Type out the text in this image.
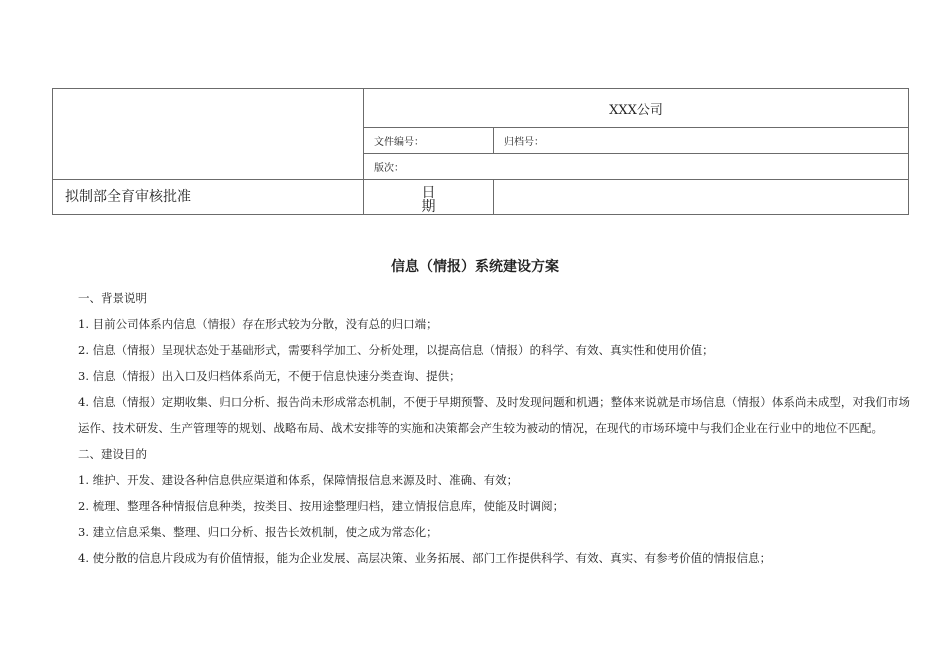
	XXX公司	
	文件编号：	归档号：
	版次：	
拟制部全育审核批准	日期	

信息（情报）系统建设方案

一、背景说明

1. 目前公司体系内信息（情报）存在形式较为分散，没有总的归口端；

2. 信息（情报）呈现状态处于基础形式，需要科学加工、分析处理，以提高信息（情报）的科学、有效、真实性和使用价值；

3. 信息（情报）出入口及归档体系尚无，不便于信息快速分类查询、提供；

4. 信息（情报）定期收集、归口分析、报告尚未形成常态机制，不便于早期预警、及时发现问题和机遇；整体来说就是市场信息（情报）体系尚未成型，对我们市场运作、技术研发、生产管理等的规划、战略布局、战术安排等的实施和决策都会产生较为被动的情况，在现代的市场环境中与我们企业在行业中的地位不匹配。

二、建设目的

1. 维护、开发、建设各种信息供应渠道和体系，保障情报信息来源及时、准确、有效；

2. 梳理、整理各种情报信息种类，按类目、按用途整理归档，建立情报信息库，使能及时调阅；

3. 建立信息采集、整理、归口分析、报告长效机制，使之成为常态化；

4. 使分散的信息片段成为有价值情报，能为企业发展、高层决策、业务拓展、部门工作提供科学、有效、真实、有参考价值的情报信息；
